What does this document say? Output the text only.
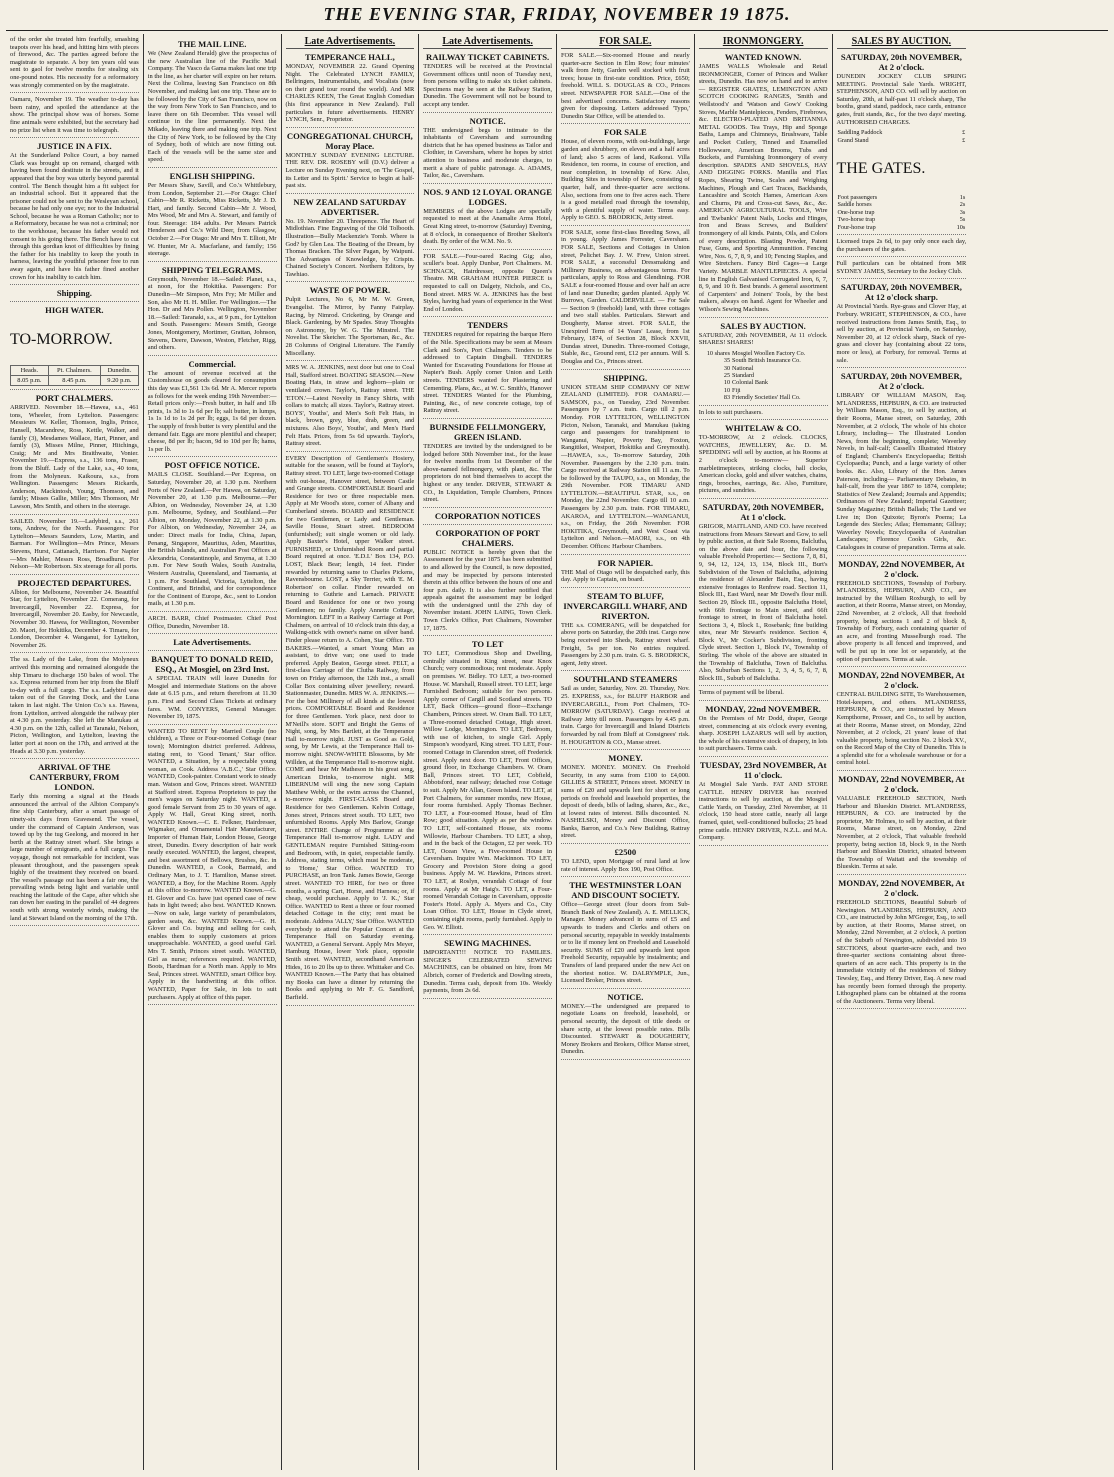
THE EVENING STAR, FRIDAY, NOVEMBER 19 1875.

of the order she treated him fearfully, smashing teapots over his head, and hitting him with pieces of firewood, &c. The parties agreed before the magistrate to separate. A boy ten years old was sent to gaol for twelve months for stealing six one-pound notes. His necessity for a reformatory was strongly commented on by the magistrate.

Oamaru, November 19. The weather to-day has been rainy, and spoiled the attendance at the show. The principal show was of horses. Some fine animals were exhibited, but the secretary had no prize list when it was time to telegraph.

JUSTICE IN A FIX.

At the Sunderland Police Court, a boy named Clark was brought up on remand, charged with having been found destitute in the streets, and it appeared that the boy was utterly beyond parental control. The Bench thought him a fit subject for an industrial school. But it appeared that the prisoner could not be sent to the Wesleyan school, because he had only one eye; nor to the Industrial School, because he was a Roman Catholic; nor to a Reformatory, because he was not a criminal; nor to the workhouse, because his father would not consent to his going there. The Bench have to cut through this gordian knot of difficulties by fining the father for his inability to keep the youth in harness, leaving the youthful prisoner free to run away again, and have his father fined another crown for his inability to catch him.

Shipping.
HIGH WATER.

TO-MORROW.

Heads.	Pt. Chalmers.	Dunedin.
8.05 p.m.	8.45 p.m.	9.20 p.m.
PORT CHALMERS.

ARRIVED. November 18.—Hawea, s.s., 461 tons, Wheeler, from Lyttelton. Passengers: Messieurs W. Keller, Thomson, Inglis, Prince, Hansell, Macandrew, Ross, Kettle, Walker, and family (3), Mesdames Wallace, Hart, Pinner, and family (3), Misses Milne, Pinner, Hitchings, Craig; Mr and Mrs Braithwaite, Vonier. November 19.—Express, s.s., 136 tons, Fraser, from the Bluff. Lady of the Lake, s.s., 40 tons, from the Molyneux. Kaikoura, s.s., from Wellington. Passengers: Messrs Rickards, Anderson, Mackintosh, Young, Thomson, and family; Misses Gallie, Miller; Mrs Thomson, Mr Lawson, Mrs Smith, and others in the steerage.

SAILED. November 19.—Ladybird, s.s., 261 tons, Andrew, for the North. Passengers: For Lyttelton—Messrs Saunders, Low, Martin, and Barman. For Wellington—Mrs Prince, Messrs Stevens, Hurst, Cattanach, Harrison. For Napier—Mrs Mahler, Messrs Ross, Broadhurst. For Nelson—Mr Robertson. Six steerage for all ports.

PROJECTED DEPARTURES.

Albion, for Melbourne, November 24. Beautiful Star, for Lyttelton, November 22. Comerang, for Invercargill, November 22. Express, for Invercargill, November 20. Easby, for Newcastle, November 30. Hawea, for Wellington, November 20. Maori, for Hokitika, December 4. Timaru, for London, December 4. Wanganui, for Lyttelton, November 26.

The ss. Lady of the Lake, from the Molyneux arrived this morning and remained alongside the ship Timaru to discharge 150 bales of wool. The s.s. Express returned from her trip from the Bluff to-day with a full cargo. The s.s. Ladybird was taken out of the Graving Dock, and the Luna taken in last night. The Union Co.'s s.s. Hawea, from Lyttelton, arrived alongside the railway pier at 4.30 p.m. yesterday. She left the Manukau at 4.30 p.m. on the 12th, called at Taranaki, Nelson, Picton, Wellington, and Lyttelton, leaving the latter port at noon on the 17th, and arrived at the Heads at 3.30 p.m. yesterday.

ARRIVAL OF THE CANTERBURY, FROM LONDON.

Early this morning a signal at the Heads announced the arrival of the Albion Company's fine ship Canterbury, after a smart passage of ninety-six days from Gravesend. The vessel, under the command of Captain Anderson, was towed up by the tug Geelong, and moored in her berth at the Rattray street wharf. She brings a large number of emigrants, and a full cargo. The voyage, though not remarkable for incident, was pleasant throughout, and the passengers speak highly of the treatment they received on board. The vessel's passage out has been a fair one, the prevailing winds being light and variable until reaching the latitude of the Cape, after which she ran down her easting in the parallel of 44 degrees south with strong westerly winds, making the land at Stewart Island on the morning of the 17th.

THE MAIL LINE.

We (New Zealand Herald) give the prospectus of the new Australian line of the Pacific Mail Company. The Vasco da Gama makes last one trip in the line, as her charter will expire on her return. Next the Colima, leaving San Francisco on 8th November, and making last one trip. These are to be followed by the City of San Francisco, now on the way from New York to San Francisco, and to leave there on 6th December. This vessel will continue in the line permanently. Next the Mikado, leaving there and making one trip. Next the City of New York, to be followed by the City of Sydney, both of which are now fitting out. Each of the vessels will be the same size and speed.

ENGLISH SHIPPING.

Per Messrs Shaw, Savill, and Co.'s Whittlebury, from London, September 21.—For Otago: Chief Cabin—Mr R. Ricketts, Miss Ricketts, Mr J. D. Hart, and family. Second Cabin—Mr J. Wood, Mrs Wood, Mr and Mrs A. Stewart, and family of four. Steerage: 184 adults. Per Messrs Patrick Henderson and Co.'s Wild Deer, from Glasgow, October 2.—For Otago: Mr and Mrs T. Elliott, Mr W. Hunter, Mr A. Macfarlane, and family; 156 steerage.

SHIPPING TELEGRAMS.

Greymouth, November 18.—Sailed: Planet, s.s., at noon, for the Hokitika. Passengers: For Dunedin—Mr Simpson, Mrs Fry; Mr Miller and Son, also Mr H. H. Miller. For Wellington.—The Hon. Dr and Mrs Pollen. Wellington, November 18.—Sailed: Taranaki, s.s., at 9 p.m., for Lyttelton and South. Passengers: Messrs Smith, George Jones, Montgomery, Mortimer, Grattan, Johnson, Stevens, Deere, Dawson, Weston, Fletcher, Rigg, and others.

Commercial.

The amount of revenue received at the Customhouse on goods cleared for consumption this day was £1,561 13s 6d. Mr A. Mercer reports as follows for the week ending 19th November:—Retail prices only:—Fresh butter, in half and 1lb prints, 1s 3d to 1s 6d per lb; salt butter, in lumps, 1s 1s 1d to 1s 2d per lb; eggs, 1s 6d per dozen. The supply of fresh butter is very plentiful and the demand fair. Eggs are more plentiful and cheaper; cheese, 8d per lb; bacon, 9d to 10d per lb; hams, 1s per lb.

POST OFFICE NOTICE.

MAILS CLOSE. Southland.—Per Express, on Saturday, November 20, at 1.30 p.m. Northern Ports of New Zealand.—Per Hawea, on Saturday, November 20, at 1.30 p.m. Melbourne.—Per Albion, on Wednesday, November 24, at 1.30 p.m. Melbourne, Sydney, and Southland.—Per Albion, on Monday, November 22, at 1.30 p.m. For Albion, on Wednesday, November 24, as under: Direct mails for India, China, Japan, Penang, Singapore, Mauritius, Aden, Mauritius, the British Islands, and Australian Post Offices at Alexandria, Constantinople, and Smyrna, at 1.30 p.m. For New South Wales, South Australia, Western Australia, Queensland, and Tasmania, at 1 p.m. For Southland, Victoria, Lyttelton, the Continent, and Brindisi, and for correspondence for the Continent of Europe, &c., sent to London mails, at 1.30 p.m.

ARCH. BARR, Chief Postmaster. Chief Post Office, Dunedin, November 18.

Late Advertisements.
BANQUET TO DONALD REID, ESQ., At Mosgiel, on 23rd Inst.

A SPECIAL TRAIN will leave Dunedin for Mosgiel and intermediate Stations on the above date at 6.15 p.m., and return therefrom at 11.30 p.m. First and Second Class Tickets at ordinary fares. WM. CONYERS, General Manager. November 19, 1875.

WANTED TO RENT by Married Couple (no children), a Three or Four-roomed Cottage (near town); Mornington district preferred. Address, stating rent, to 'Good Tenant,' Star office. WANTED, a Situation, by a respectable young woman, as Cook. Address 'A.B.C.,' Star Office. WANTED, Cook-painter. Constant work to steady man. Watson and Gow, Princes street. WANTED at Stafford street. Express Proprietors to pay the men's wages on Saturday night. WANTED, a good female Servant from 25 to 30 years of age. Apply W. Hall, Great King street, north. WANTED Known.—C. E. Felkner, Hairdresser, Wigmaker, and Ornamental Hair Manufacturer, Importer of Human Hair, London House, George street, Dunedin. Every description of hair work neatly executed. WANTED, the largest, cheapest, and best assortment of Bellows, Brushes, &c. in Dunedin. WANTED, a Cook, Barmaid, and Ordinary Man, to J. T. Hamilton, Manse street. WANTED, a Boy, for the Machine Room. Apply at this office to-morrow. WANTED Known.—G. H. Glover and Co. have just opened case of new hats in light tweed; also best. WANTED Known.—Now on sale, large variety of perambulators, garden seats, &c. WANTED Known.—G. H. Glover and Co. buying and selling for cash, enables them to supply customers at prices unapproachable. WANTED, a good useful Girl. Mrs T. Smith, Princes street south. WANTED, Girl as nurse; references required. WANTED, Boots, Hardman for a North man. Apply to Mrs Seal, Princes street. WANTED, smart Office boy. Apply in the handwriting at this office. WANTED, Paper for Sale, in lots to suit purchasers. Apply at office of this paper.

Late Advertisements.
TEMPERANCE HALL,

MONDAY, NOVEMBER 22. Grand Opening Night. The Celebrated LYNCH FAMILY, Bellringers, Instrumentalists, and Vocalists (now on their grand tour round the world). And MR CHARLES KEEN, The Great English Comedian (his first appearance in New Zealand). Full particulars in future advertisements. HENRY LYNCH, Senr., Proprietor.

CONGREGATIONAL CHURCH, Moray Place.

MONTHLY SUNDAY EVENING LECTURE. THE REV. DR. ROSEBY will (D.V.) deliver a Lecture on Sunday Evening next, on 'The Gospel, its Letter and its Spirit.' Service to begin at half-past six.

NEW ZEALAND SATURDAY ADVERTISER.

No. 19. November 20. Threepence. The Heart of Midlothian. Fine Engraving of the Old Tolbooth. Illustration—Bully Mackenzie's Tomb. Where is God? by Glen Lea. The Boating of the Dream, by Thomas Bracken. The Silver Pagan, by Waipuni. The Advantages of Knowledge, by Crispin. Chained Society's Concert. Northern Editors, by Tawhiao.

WASTE OF POWER.

Pulpit Lectures, No 6, Mr M. W. Green, Evangelist. The Mirror, by Fanny Fairplay. Racing, by Nimrod. Cricketing, by Orange and Black. Gardening, by Mr Spades. Stray Thoughts on Astronomy, by W. G. The Minstrel. The Novelist. The Sketcher. The Sportsman, &c., &c. 28 Columns of Original Literature. The Family Miscellany.

MRS W. A. JENKINS, next door but one to Coal Hall, Stafford street. BOATING SEASON.—New Boating Hats, in straw and leghorn—plain or ventilated crown. Taylor's, Rattray street. THE 'ETON.'—Latest Novelty in Fancy Shirts, with collars to match; all sizes. Taylor's, Rattray street. BOYS', Youths', and Men's Soft Felt Hats, in black, brown, grey, blue, drab, green, and mixtures. Also Boys', Youths', and Men's Hard Felt Hats. Prices, from 5s 6d upwards. Taylor's, Rattray street.

EVERY Description of Gentlemen's Hosiery, suitable for the season, will be found at Taylor's, Rattray street. TO LET, large two-roomed Cottage with out-house, Hanover street, between Castle and Grange streets. COMFORTABLE Board and Residence for two or three respectable men. Apply at Mr Wood's store, corner of Albany and Cumberland streets. BOARD and RESIDENCE for two Gentlemen, or Lady and Gentleman. Saville House, Stuart street. BEDROOM (unfurnished); suit single women or old lady. Apply Baxter's Hotel, upper Walker street. FURNISHED, or Unfurnished Room and partial Board required at once. 'E.D.I.' Box 134, P.O. LOST, Black Bear; length, 14 feet. Finder rewarded by returning same to Charles Pickens, Ravensbourne. LOST, a Sky Terrier, with 'E. M. Robertson' on collar. Finder rewarded on returning to Guthrie and Larnach. PRIVATE Board and Residence for one or two young Gentlemen; no family. Apply Annette Cottage, Mornington. LEFT in a Railway Carriage at Port Chalmers, on arrival of 10 o'clock train this day, a Walking-stick with owner's name on silver band. Finder please return to A. Cohen, Star Office. TO BAKERS.—Wanted, a smart Young Man as assistant, to drive van; one used to trade preferred. Apply Beaton, George street. FELT, a first-class Carriage of the Clutha Railway, from town on Friday afternoon, the 12th inst., a small Collar Box containing silver jewellery; reward. Stationmaster, Dunedin. MRS W. A. JENKINS.—For the best Millinery of all kinds at the lowest prices. COMFORTABLE Board and Residence for three Gentlemen. York place, next door to M'Neill's store. SOFT and Bright the Gems of Night, song, by Mrs Bartlett, at the Temperance Hall to-morrow night. JUST as Good as Gold, song, by Mr Lewis, at the Temperance Hall to-morrow night. SNOW-WHITE Blossoms, by Mr Willden, at the Temperance Hall to-morrow night. COME and hear Mr Matheson in his great song, American Drinks, to-morrow night. MR LIBERNUM will sing the new song Captain Matthew Webb, or the swim across the Channel, to-morrow night. FIRST-CLASS Board and Residence for two Gentlemen. Kelvin Cottage, Jones street, Princes street south. TO LET, two unfurnished Rooms. Apply Mrs Barlow, Grange street. ENTIRE Change of Programme at the Temperance Hall to-morrow night. LADY and GENTLEMAN require Furnished Sitting-room and Bedroom, with, in quiet, respectable family. Address, stating terms, which must be moderate, to 'Home,' Star Office. WANTED TO PURCHASE, an Iron Tank. James Bowie, George street. WANTED TO HIRE, for two or three months, a spring Cart, Horse, and Harness; or, if cheap, would purchase. Apply to 'J. K.,' Star Office. WANTED to Rent a three or four roomed detached Cottage in the city; rent must be moderate. Address 'ALLY,' Star Office. WANTED everybody to attend the Popular Concert at the Temperance Hall on Saturday evening. WANTED, a General Servant. Apply Mrs Meyer, Hamburg House, lower York place, opposite Smith street. WANTED, secondhand American Hides, 16 to 20 lbs up to three. Whittaker and Co. WANTED Known.—The Party that has obtained my Books can have a dinner by returning the Books and applying to Mr F. G. Sandford, Barfield.

Late Advertisements.
RAILWAY TICKET CABINETS.

TENDERS will be received at the Provincial Government offices until noon of Tuesday next, from persons willing to make six ticket cabinets. Specimens may be seen at the Railway Station, Dunedin. The Government will not be bound to accept any tender.

NOTICE.

THE undersigned begs to intimate to the inhabitants of Caversham and surrounding districts that he has opened business as Tailor and Clothier, in Caversham, where he hopes by strict attention to business and moderate charges, to merit a share of public patronage. A. ADAMS, Tailor, &c., Caversham.

NOS. 9 AND 12 LOYAL ORANGE LODGES.

MEMBERS of the above Lodges are specially requested to meet at the Anamalie Arms Hotel, Great King street, to-morrow (Saturday) Evening, at 8 o'clock, in consequence of Brother Skelton's death. By order of the W.M. No. 9.

FOR SALE.—Four-oared Racing Gig; also, sculler's boat. Apply Dunbar, Port Chalmers. M. SCHNACK, Hairdresser, opposite Queen's Theatre. MR GRAHAM HUNTER PIERCE is requested to call on Dalgety, Nichols, and Co., Bond street. MRS W. A. JENKINS has the best Styles, having had years of experience in the West End of London.

TENDERS

TENDERS required for repairing the barque Hero of the Nile. Specifications may be seen at Messrs Clark and Son's, Port Chalmers. Tenders to be addressed to Captain Dingball. TENDERS Wanted for Excavating Foundations for House at Napier's Bush. Apply corner Union and Leith streets. TENDERS wanted for Plastering and Cementing. Plans, &c., at W. C. Smith's, Hanover street. TENDERS Wanted for the Plumbing, Painting, &c., of new concrete cottage, top of Rattray street.

BURNSIDE FELLMONGERY, GREEN ISLAND.

TENDERS are invited by the undersigned to be lodged before 30th November inst., for the lease for twelve months from 1st December of the above-named fellmongery, with plant, &c. The proprietors do not bind themselves to accept the highest or any tender. DRIVER, STEWART & CO., In Liquidation, Temple Chambers, Princes street.

CORPORATION NOTICES
CORPORATION OF PORT CHALMERS.

PUBLIC NOTICE is hereby given that the Assessment for the year 1875 has been submitted to and allowed by the Council, is now deposited, and may be inspected by persons interested therein at this office between the hours of one and four p.m. daily. It is also further notified that appeals against the assessment may be lodged with the undersigned until the 27th day of November instant. JOHN LAING, Town Clerk. Town Clerk's Office, Port Chalmers, November 17, 1875.

TO LET

TO LET, Commodious Shop and Dwelling, centrally situated in King street, near Knox Church; very commodious; rent moderate. Apply on premises. W. Bidley. TO LET, a two-roomed House. W. Marshall, Russell street. TO LET, large Furnished Bedroom; suitable for two persons. Apply corner of Cargill and Scotland streets. TO LET, Back Offices—ground floor—Exchange Chambers, Princes street. W. Oram Ball. TO LET, a Three-roomed detached Cottage, High street. Willow Lodge, Mornington. TO LET, Bedroom, with use of kitchen, to single Girl. Apply Simpson's woodyard, King street. TO LET, Four-roomed Cottage in Clarendon street, off Frederick street. Apply next door. TO LET, Front Offices, ground floor, in Exchange Chambers. W. Oram Ball, Princes street. TO LET, Cobfield, Abbotsford, near railway; detached rose Cottage to suit. Apply Mr Allan, Green Island. TO LET, at Port Chalmers, for summer months, new House, four rooms furnished. Apply Thomas Bechner. TO LET, a Four-roomed House, head of Elm Row; good situation. Apply as per the window. TO LET, self-contained House, six rooms Willowie, Harbour Chambers. TO LET, a shop, and in the back of the Octagon, £2 per week. TO LET, Ocean View, a Five-roomed House in Caversham. Inquire Wm. Mackinnon. TO LET, Grocery and Provision Store doing a good business. Apply M. W. Hawkins, Princes street. TO LET, at Roslyn, verandah Cottage of four rooms. Apply at Mr Haig's. TO LET, a Four-roomed Verandah Cottage in Caversham, opposite Foster's Hotel. Apply A. Myers and Co., City Loan Office. TO LET, House in Clyde street, containing eight rooms, partly furnished. Apply to Geo. W. Elliott.

SEWING MACHINES.

IMPORTANT!!! NOTICE TO FAMILIES. SINGER'S CELEBRATED SEWING MACHINES, can be obtained on hire, from Mr Albrich, corner of Frederick and Dowling streets, Dunedin. Terms cash, deposit from 10s. Weekly payments, from 2s 6d.

FOR SALE.

FOR SALE.—Six-roomed House and nearly quarter-acre Section in Elm Row; four minutes' walk from Jetty, Garden well stocked with fruit trees; house in first-rate condition. Price, £650; freehold. WILL S. DOUGLAS & CO., Princes street. NEWSPAPER FOR SALE.—One of the best advertised concerns. Satisfactory reasons given for disposing. Letters addressed 'Typo,' Dunedin Star Office, will be attended to.

FOR SALE

House, of eleven rooms, with out-buildings, large garden and shrubbery, on eleven and a half acres of land; also 5 acres of land, Kaikorai. Villa Residence, ten rooms, in course of erection, and near completion, in township of Kew. Also, Building Sites in township of Kew, consisting of quarter, half, and three-quarter acre sections. Also, sections from one to five acres each. There is a good metalled road through the township, with a plentiful supply of water. Terms easy. Apply to GEO. S. BRODRICK, Jetty street.

FOR SALE, some first-class Breeding Sows, all in young. Apply James Forrester, Caversham. FOR SALE, Sections and Cottages in Union street, Pelichet Bay. J. W. Frew, Union street. FOR SALE, a successful Dressmaking and Millinery Business, on advantageous terms. For particulars, apply to Ross and Glendining. FOR SALE a four-roomed House and over half an acre of land near Dunedin; garden planted. Apply W. Burrows, Garden. CALDERVILLE. — For Sale — Section 9 (freehold) land, with three cottages and two stall stables. Particulars. Stewart and Dougherty, Manse street. FOR SALE, the Unexpired Term of 14 Years' Lease, from 1st February, 1874, of Section 28, Block XXVII, Dundas street, Dunedin. Three-roomed Cottage, Stable, &c., Ground rent, £12 per annum. Will S. Douglas and Co., Princes street.

SHIPPING.

UNION STEAM SHIP COMPANY OF NEW ZEALAND (LIMITED). FOR OAMARU.—SAMSON, p.s., on Tuesday, 23rd November. Passengers by 7 a.m. train. Cargo till 2 p.m. Monday. FOR LYTTELTON, WELLINGTON Picton, Nelson, Taranaki, and Manukau (taking cargo and passengers for transhipment to Wanganui, Napier, Poverty Bay, Foxton, Rangitikei, Westport, Hokitika and Greymouth).—HAWEA, s.s., To-morrow Saturday, 20th November. Passengers by the 2.30 p.m. train. Cargo received at Railway Station till 11 a.m. To be followed by the TAUPO, s.s., on Monday, the 29th November. FOR TIMARU AND LYTTELTON.—BEAUTIFUL STAR, s.s., on Monday, the 22nd November. Cargo till 10 a.m. Passengers by 2.30 p.m. train. FOR TIMARU, AKAROA, and LYTTELTON.—WANGANUI, s.s., on Friday, the 26th November. FOR HOKITIKA, Greymouth, and West Coast via Lyttelton and Nelson.—MAORI, s.s., on 4th December. Offices: Harbour Chambers.

FOR NAPIER.

THE Mail of Otago will be despatched early, this day. Apply to Captain, on board.

STEAM TO BLUFF, INVERCARGILL WHARF, AND RIVERTON.

THE s.s. COMERANG, will be despatched for above ports on Saturday, the 20th inst. Cargo now being received into Sheds, Rattray street wharf. Freight, 5s per ton. No entries required. Passengers by 2.30 p.m. train. G. S. BRODRICK, agent, Jetty street.

SOUTHLAND STEAMERS

Sail as under, Saturday, Nov. 20. Thursday, Nov. 25. EXPRESS, s.s., for BLUFF HARBOR and INVERCARGILL, From Port Chalmers, TO-MORROW (SATURDAY). Cargo received at Railway Jetty till noon. Passengers by 4.45 p.m. train. Cargo for Invercargill and Inland Districts forwarded by rail from Bluff at Consignees' risk. H. HOUGHTON & CO., Manse street.

MONEY.

MONEY. MONEY. MONEY. On Freehold Security, in any sums from £100 to £4,000. GILLIES & STREET, Princes street. MONEY in sums of £20 and upwards lent for short or long periods on freehold and leasehold properties, the deposit of deeds, bills of lading, shares, &c., &c., at lowest rates of interest. Bills discounted. N. NASHELSKI, Money and Discount Office, Banks, Barron, and Co.'s New Building, Rattray street.

£2500

TO LEND, upon Mortgage of rural land at low rate of interest. Apply Box 190, Post Office.

THE WESTMINSTER LOAN AND DISCOUNT SOCIETY.

Office—George street (four doors from Sub-Branch Bank of New Zealand). A. E. MELLICK, Manager. Money advanced in sums of £5 and upwards to traders and Clerks and others on personal security, repayable in weekly instalments or to lie if money lent on Freehold and Leasehold security. SUMS of £20 and upwards lent upon Freehold Security, repayable by instalments; and Transfers of land prepared under the new Act on the shortest notice. W. DALRYMPLE, Jun., Licensed Broker, Princes street.

NOTICE.

MONEY.—The undersigned are prepared to negotiate Loans on freehold, leasehold, or personal security, the deposit of title deeds or share scrip, at the lowest possible rates. Bills Discounted. STEWART & DOUGHERTY, Money Brokers and Brokers, Office Manse street, Dunedin.

IRONMONGERY.
WANTED KNOWN.

JAMES WALLS Wholesale and Retail IRONMONGER, Corner of Princes and Walker streets, Dunedin. Has now on hand and to arrive— REGISTER GRATES, LEMINGTON AND SCOTCH COOKING RANGES, 'Smith and Wellstood's' and 'Watson and Gow's' Cooking Stoves, Marble Mantelpieces, Fenders, Firebrows, &c. ELECTRO-PLATED AND BRITANNIA METAL GOODS. Tea Trays, Hip and Sponge Baths, Lamps and Chimneys, Brushware, Table and Pocket Cutlery, Tinned and Enamelled Hollowware, American Brooms, Tubs and Buckets, and Furnishing Ironmongery of every description. SPADES AND SHOVELS, HAY AND DIGGING FORKS. Manilla and Flax Ropes, Shearing Twine, Scales and Weighing Machines, Plough and Cart Traces, Backbands, Lancashire and Scotch Hames, American Axes and Churns, Pit and Cross-cut Saws, &c., &c. AMERICAN AGRICULTURAL TOOLS, Wire and 'Ewbank's' Patent Nails, Locks and Hinges, Iron and Brass Screws, and Builders' Ironmongery of all kinds. Paints, Oils, and Colors of every description. Blasting Powder, Patent Fuse, Guns, and Sporting Ammunition. Fencing Wire, Nos. 6, 7, 8, 9, and 10; Fencing Staples, and Wire Stretchers. Fancy Bird Cages—a Large Variety. MARBLE MANTLEPIECES. A special line in English Galvanised Corrugated Iron, 6, 7, 8, 9, and 10 ft. Best brands. A general assortment of Carpenters' and Joiners' Tools, by the best makers, always on hand. Agent for Wheeler and Wilson's Sewing Machines.

SALES BY AUCTION.

SATURDAY, 20th NOVEMBER, At 11 o'clock. SHARES! SHARES!

10 shares	Mosgiel Woollen Factory Co.
35	South British Insurance Co.
30	National
25	Standard
10	Colonial Bank
10	Fiji
83	Friendly Societies' Hall Co.

In lots to suit purchasers.

WHITELAW & CO.

TO-MORROW, At 2 o'clock. CLOCKS, WATCHES, JEWELLERY, &c. D. M. SPEDDING will sell by auction, at his Rooms at 2 o'clock to-morrow— Superior marbletimepieces, striking clocks, hall clocks, American clocks, gold and silver watches, chains, rings, brooches, earrings, &c. Also, Furniture, pictures, and sundries.

SATURDAY, 20th NOVEMBER, At 1 o'clock.

GRIGOR, MAITLAND, AND CO. have received instructions from Messrs Stewart and Gow, to sell by public auction, at their Sale Rooms, Balclutha, on the above date and hour, the following valuable Freehold Properties:— Sections 7, 8, 81, 9, 94, 12, 124, 13, 134, Block III., Burt's Subdivision of the Town of Balclutha, adjoining the residence of Alexander Bain, Esq., having extensive frontages to Renfrew road. Section 11, Block III., East Ward, near Mr Dowd's flour mill. Section 29, Block III., opposite Balclutha Hotel, with 66ft frontage to Main street, and 66ft frontage to street, in front of Balclutha hotel. Sections 3, 4, Block I., Rosebank; fine building sites, near Mr Stewart's residence. Section 4, Block V., Mr Cocker's Subdivision, fronting Clyde street. Section 1, Block IV., Township of Stirling. The whole of the above are situated in the Township of Balclutha, Town of Balclutha. Also, Suburban Sections 1, 2, 3, 4, 5, 6, 7, 8, Block III., Suburb of Balclutha.

Terms of payment will be liberal.

MONDAY, 22nd NOVEMBER.

On the Premises of Mr Dodd, draper, George street, commencing at six o'clock every evening, sharp. JOSEPH LAZARUS will sell by auction, the whole of his extensive stock of drapery, in lots to suit purchasers. Terms cash.

TUESDAY, 23rd NOVEMBER, At 11 o'clock.

At Mosgiel Sale Yards. FAT AND STORE CATTLE. HENRY DRIVER has received instructions to sell by auction, at the Mosgiel Cattle Yards, on Tuesday, 23rd November, at 11 o'clock, 150 head store cattle, nearly all large framed, quiet, well-conditioned bullocks; 25 head prime cattle. HENRY DRIVER, N.Z.L. and M.A. Company.

SALES BY AUCTION.
SATURDAY, 20th NOVEMBER, At 2 o'clock.

DUNEDIN JOCKEY CLUB SPRING MEETING. Provincial Sale Yards. WRIGHT, STEPHENSON, AND CO. will sell by auction on Saturday, 20th, at half-past 11 o'clock sharp, The booths, grand stand, paddock, race cards, entrance gates, fruit stands, &c., for the two days' meeting. AUTHORISED CHARGES.

Saddling Paddock	£
Grand Stand	£

THE GATES.

Foot passengers	1s
Saddle horses	2s
One-horse trap	3s
Two-horse trap	5s
Four-horse trap	10s

Licensed traps 2s 6d, to pay only once each day, the purchasers of the gates.

Full particulars can be obtained from MR SYDNEY JAMES, Secretary to the Jockey Club.

SATURDAY, 20th NOVEMBER, At 12 o'clock sharp.

At Provincial Yards. Rye-grass and Clover Hay, at Forbury. WRIGHT, STEPHENSON, & CO., have received instructions from James Smith, Esq., to sell by auction, at Provincial Yards, on Saturday, November 20, at 12 o'clock sharp, Stack of rye-grass and clover hay (containing about 22 tons, more or less), at Forbury, for removal. Terms at sale.

SATURDAY, 20th NOVEMBER, At 2 o'clock.

LIBRARY OF WILLIAM MASON, Esq. M'LANDRESS, HEPBURN, & CO. are instructed by William Mason, Esq., to sell by auction, at their Rooms, Manse street, on Saturday, 20th November, at 2 o'clock, The whole of his choice Library, including— The Illustrated London News, from the beginning, complete; Waverley Novels, in half-calf; Cassell's Illustrated History of England; Chambers's Encyclopaedia; British Cyclopaedia; Punch, and a large variety of other books. &c. Also, Library of the Hon. James Paterson, including— Parliamentary Debates, in half-calf, from the year 1867 to 1874, complete; Statistics of New Zealand; Journals and Appendix; Ordinances of New Zealand; Imperial Gazetteer; Sunday Magazine; British Ballads; The Land we Live in; Don Quixote; Byron's Poems; La Legende des Siecles; Atlas; Hemsmann; Gillray; Waverley Novels; Encyclopaedia of Australian Landscapes; Florence Cook's Girls, &c. Catalogues in course of preparation. Terms at sale.

MONDAY, 22nd NOVEMBER, At 2 o'clock.

FREEHOLD SECTIONS, Township of Forbury. M'LANDRESS, HEPBURN, AND CO., are instructed by the William Roxburgh, to sell by auction, at their Rooms, Manse street, on Monday, 22nd November, at 2 o'clock, All that freehold property, being sections 1 and 2 of block 8, Township of Forbury, each containing quarter of an acre, and fronting Musselburgh road. The above property is all fenced and improved, and will be put up in one lot or separately, at the option of purchasers. Terms at sale.

MONDAY, 22nd NOVEMBER, At 2 o'clock.

CENTRAL BUILDING SITE, To Warehousemen, Hotel-keepers, and others. M'LANDRESS, HEPBURN, & CO., are instructed by Messrs Kempthorne, Prosser, and Co., to sell by auction, at their Rooms, Manse street, on Monday, 22nd November, at 2 o'clock, 21 years' lease of that valuable property, being section No. 2 block XV., on the Record Map of the City of Dunedin. This is a splendid site for a wholesale warehouse or for a central hotel.

MONDAY, 22nd NOVEMBER, At 2 o'clock.

VALUABLE FREEHOLD SECTION, North Harbour and Blueskin District. M'LANDRESS, HEPBURN, & CO. are instructed by the proprietor, Mr Holmes, to sell by auction, at their Rooms, Manse street, on Monday, 22nd November, at 2 o'clock, That valuable freehold property, being section 18, block 9, in the North Harbour and Blueskin District, situated between the Township of Waitati and the township of Blueskin. Terms at sale.

MONDAY, 22nd NOVEMBER, At 2 o'clock.

FREEHOLD SECTIONS, Beautiful Suburb of Newington. M'LANDRESS, HEPBURN, AND CO., are instructed by John M'Gregor, Esq., to sell by auction, at their Rooms, Manse street, on Monday, 22nd November, at 2 o'clock, A portion of the Suburb of Newington, subdivided into 19 SECTIONS, about quarter-acre each, and two three-quarter sections containing about three-quarters of an acre each. This property is in the immediate vicinity of the residences of Sidney Tewsley, Esq., and Henry Driver, Esq. A new road has recently been formed through the property. Lithographed plans can be obtained at the rooms of the Auctioneers. Terms very liberal.
